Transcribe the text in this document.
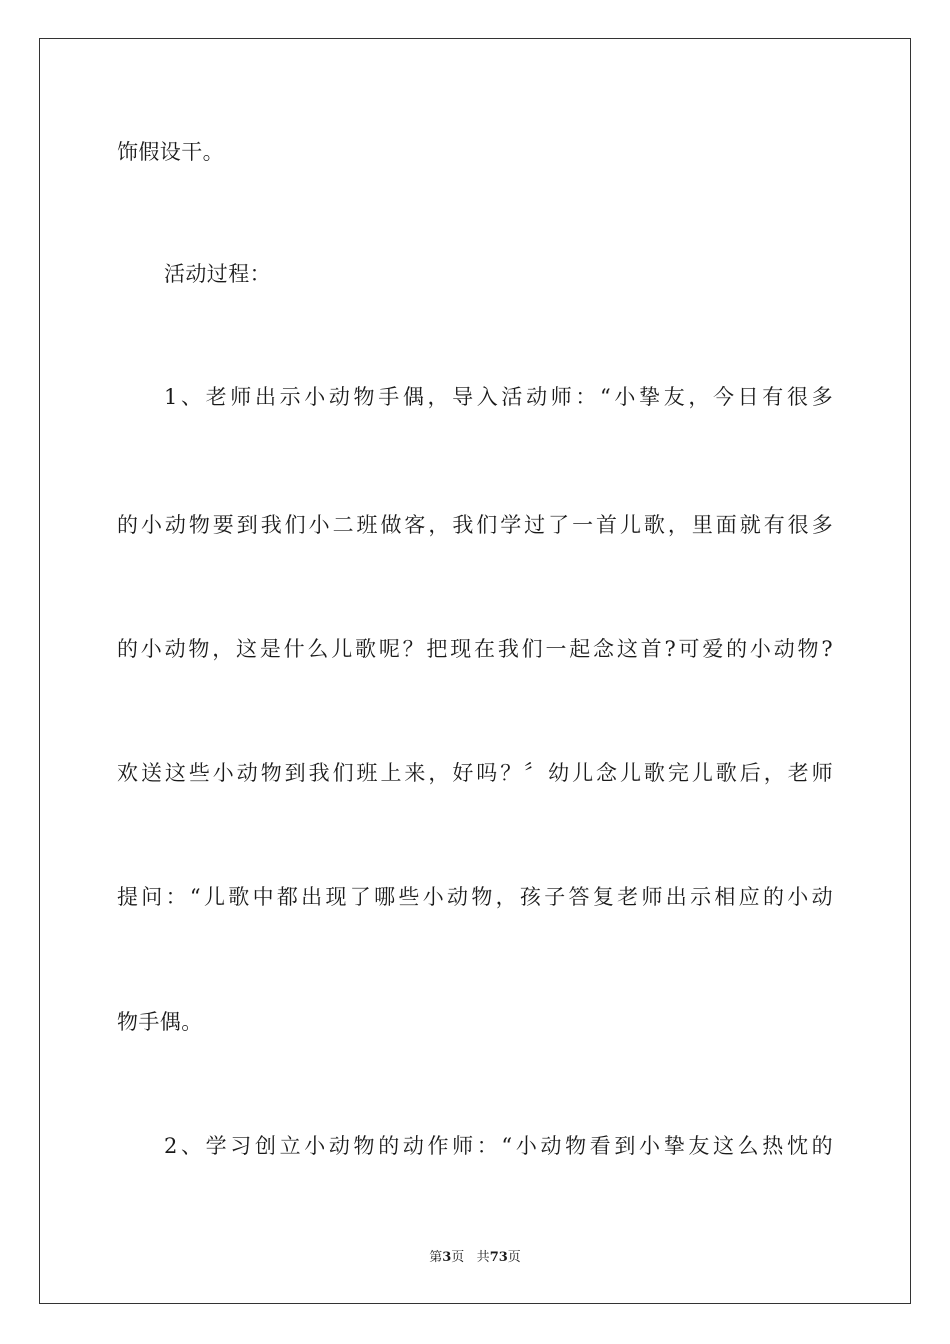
饰假设干。
活动过程：
1、老师出示小动物手偶，导入活动师：“小挚友，今日有很多
的小动物要到我们小二班做客，我们学过了一首儿歌，里面就有很多
的小动物，这是什么儿歌呢？把现在我们一起念这首?可爱的小动物?
欢送这些小动物到我们班上来，好吗？〞幼儿念儿歌完儿歌后，老师
提问：“儿歌中都出现了哪些小动物，孩子答复老师出示相应的小动
物手偶。
2、学习创立小动物的动作师：“小动物看到小挚友这么热忱的
第3页 共73页
